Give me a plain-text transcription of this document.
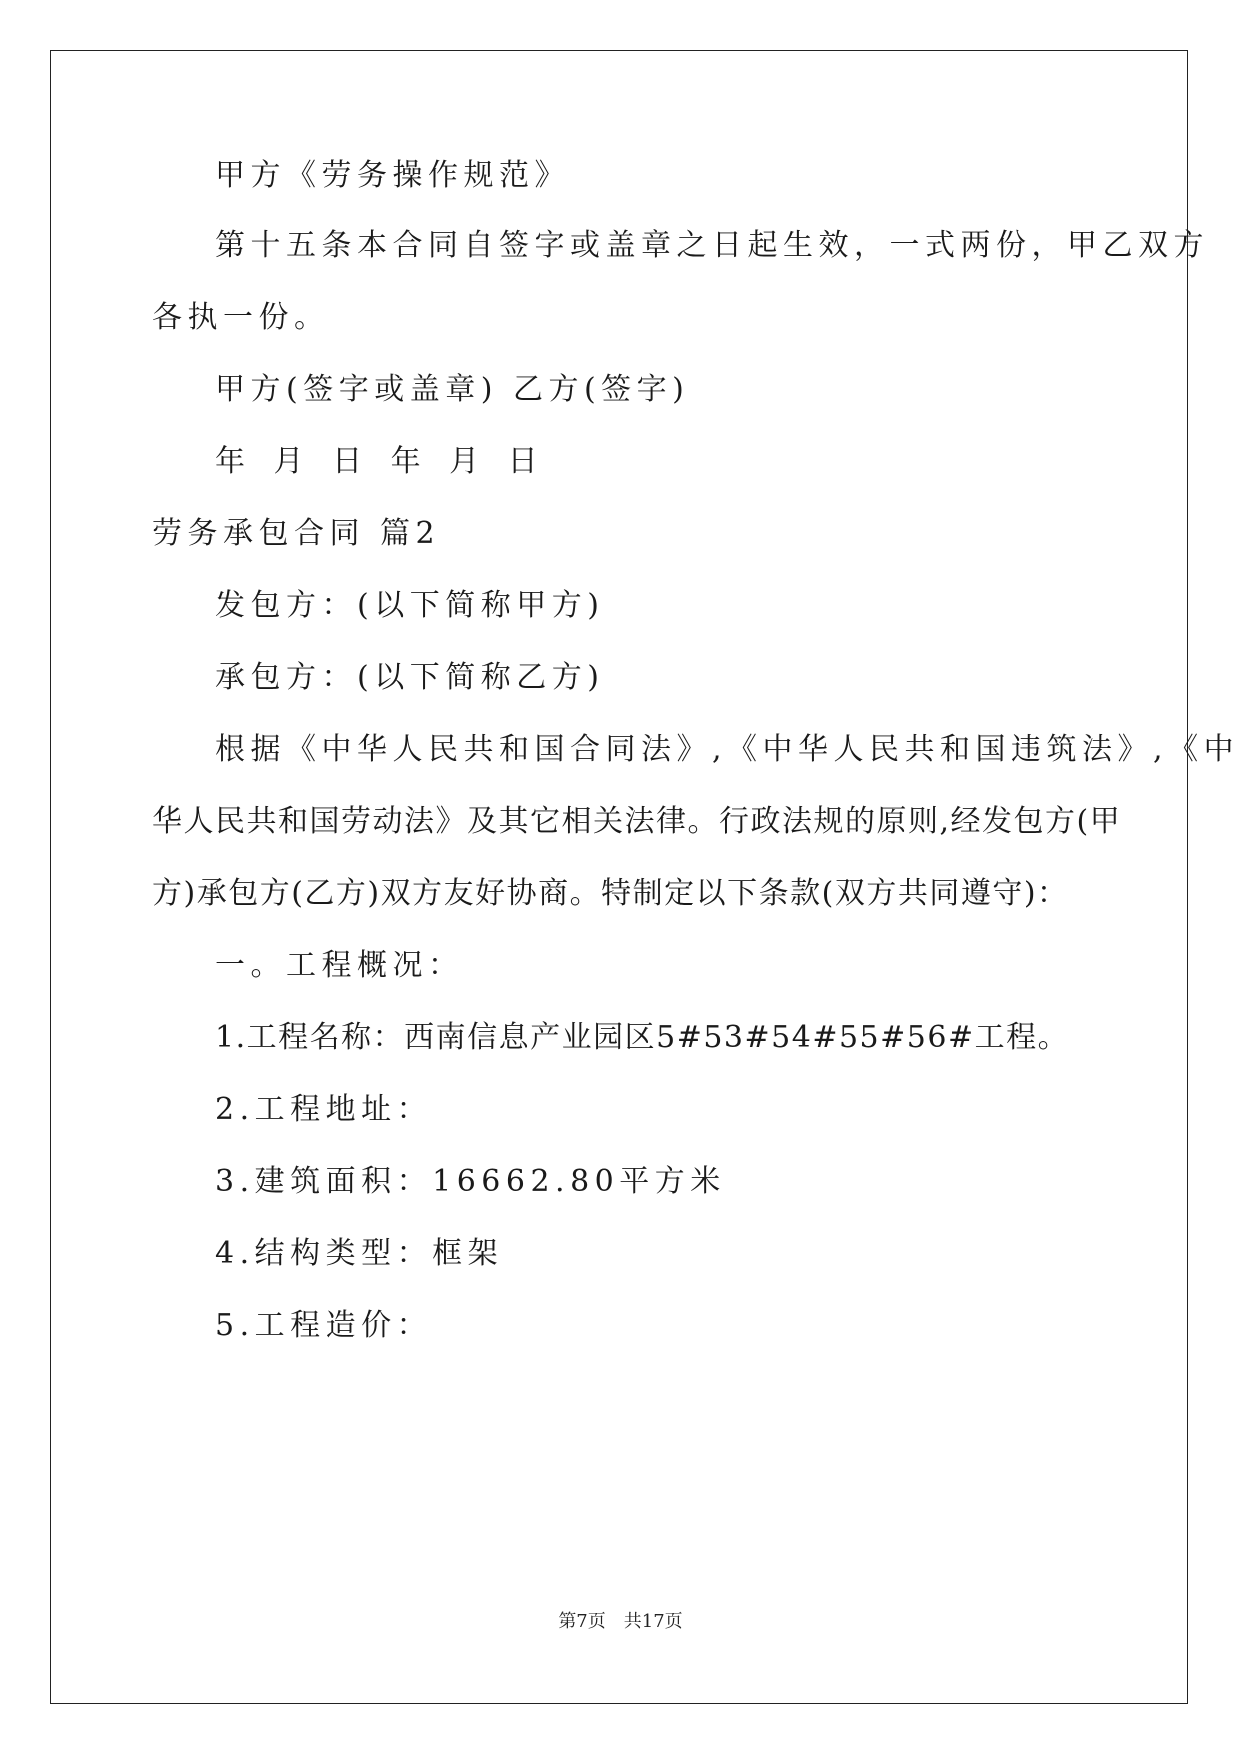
甲方《劳务操作规范》

第十五条本合同自签字或盖章之日起生效，一式两份，甲乙双方

各执一份。

甲方(签字或盖章) 乙方(签字)

年 月 日 年 月 日

劳务承包合同 篇2

发包方：(以下简称甲方)

承包方：(以下简称乙方)

根据《中华人民共和国合同法》,《中华人民共和国违筑法》,《中

华人民共和国劳动法》及其它相关法律。行政法规的原则,经发包方(甲

方)承包方(乙方)双方友好协商。特制定以下条款(双方共同遵守)：

一。工程概况：

1.工程名称：西南信息产业园区5#53#54#55#56#工程。

2.工程地址：

3.建筑面积：16662.80平方米

4.结构类型：框架

5.工程造价：

第7页　共17页
